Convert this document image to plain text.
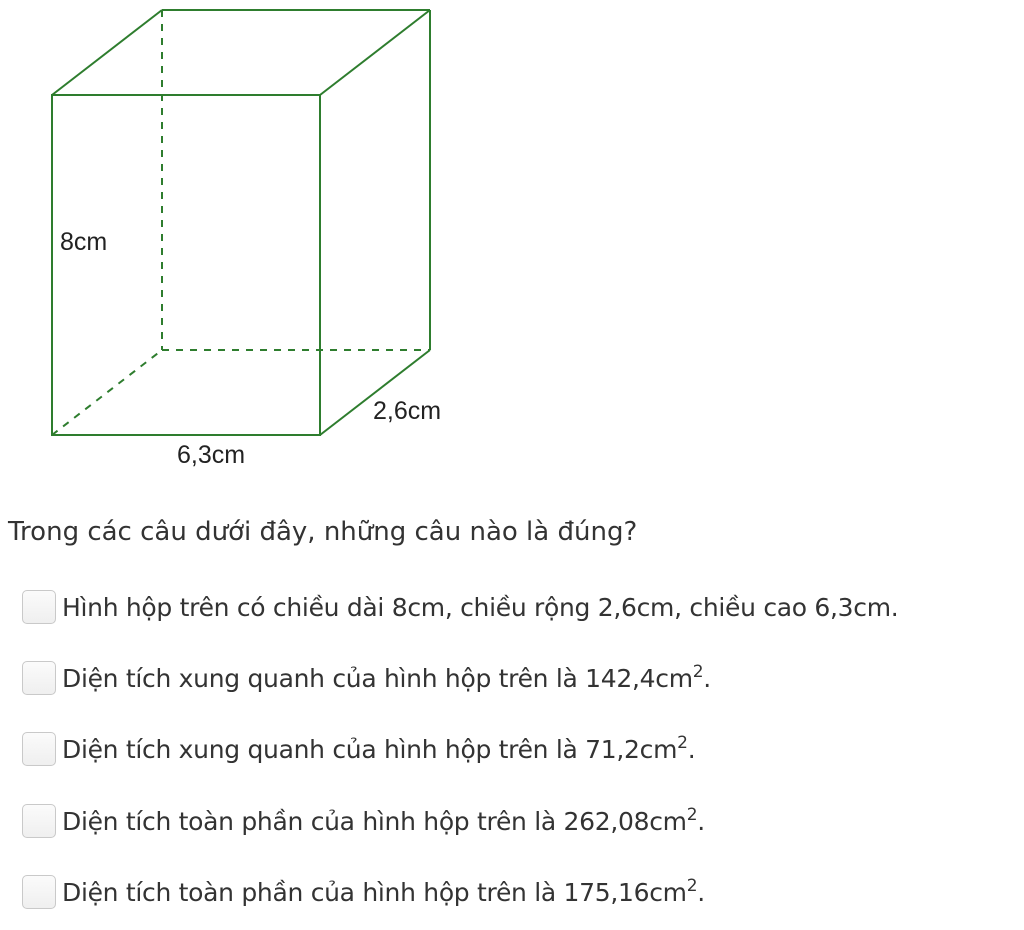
8cm
2,6cm
6,3cm
Trong các câu dưới đây, những câu nào là đúng?
Hình hộp trên có chiều dài 8cm, chiều rộng 2,6cm, chiều cao 6,3cm.
Diện tích xung quanh của hình hộp trên là $142,4cm^2$.
Diện tích xung quanh của hình hộp trên là $71,2cm^2$.
Diện tích toàn phần của hình hộp trên là $262,08cm^2$.
Diện tích toàn phần của hình hộp trên là $175,16cm^2$.
